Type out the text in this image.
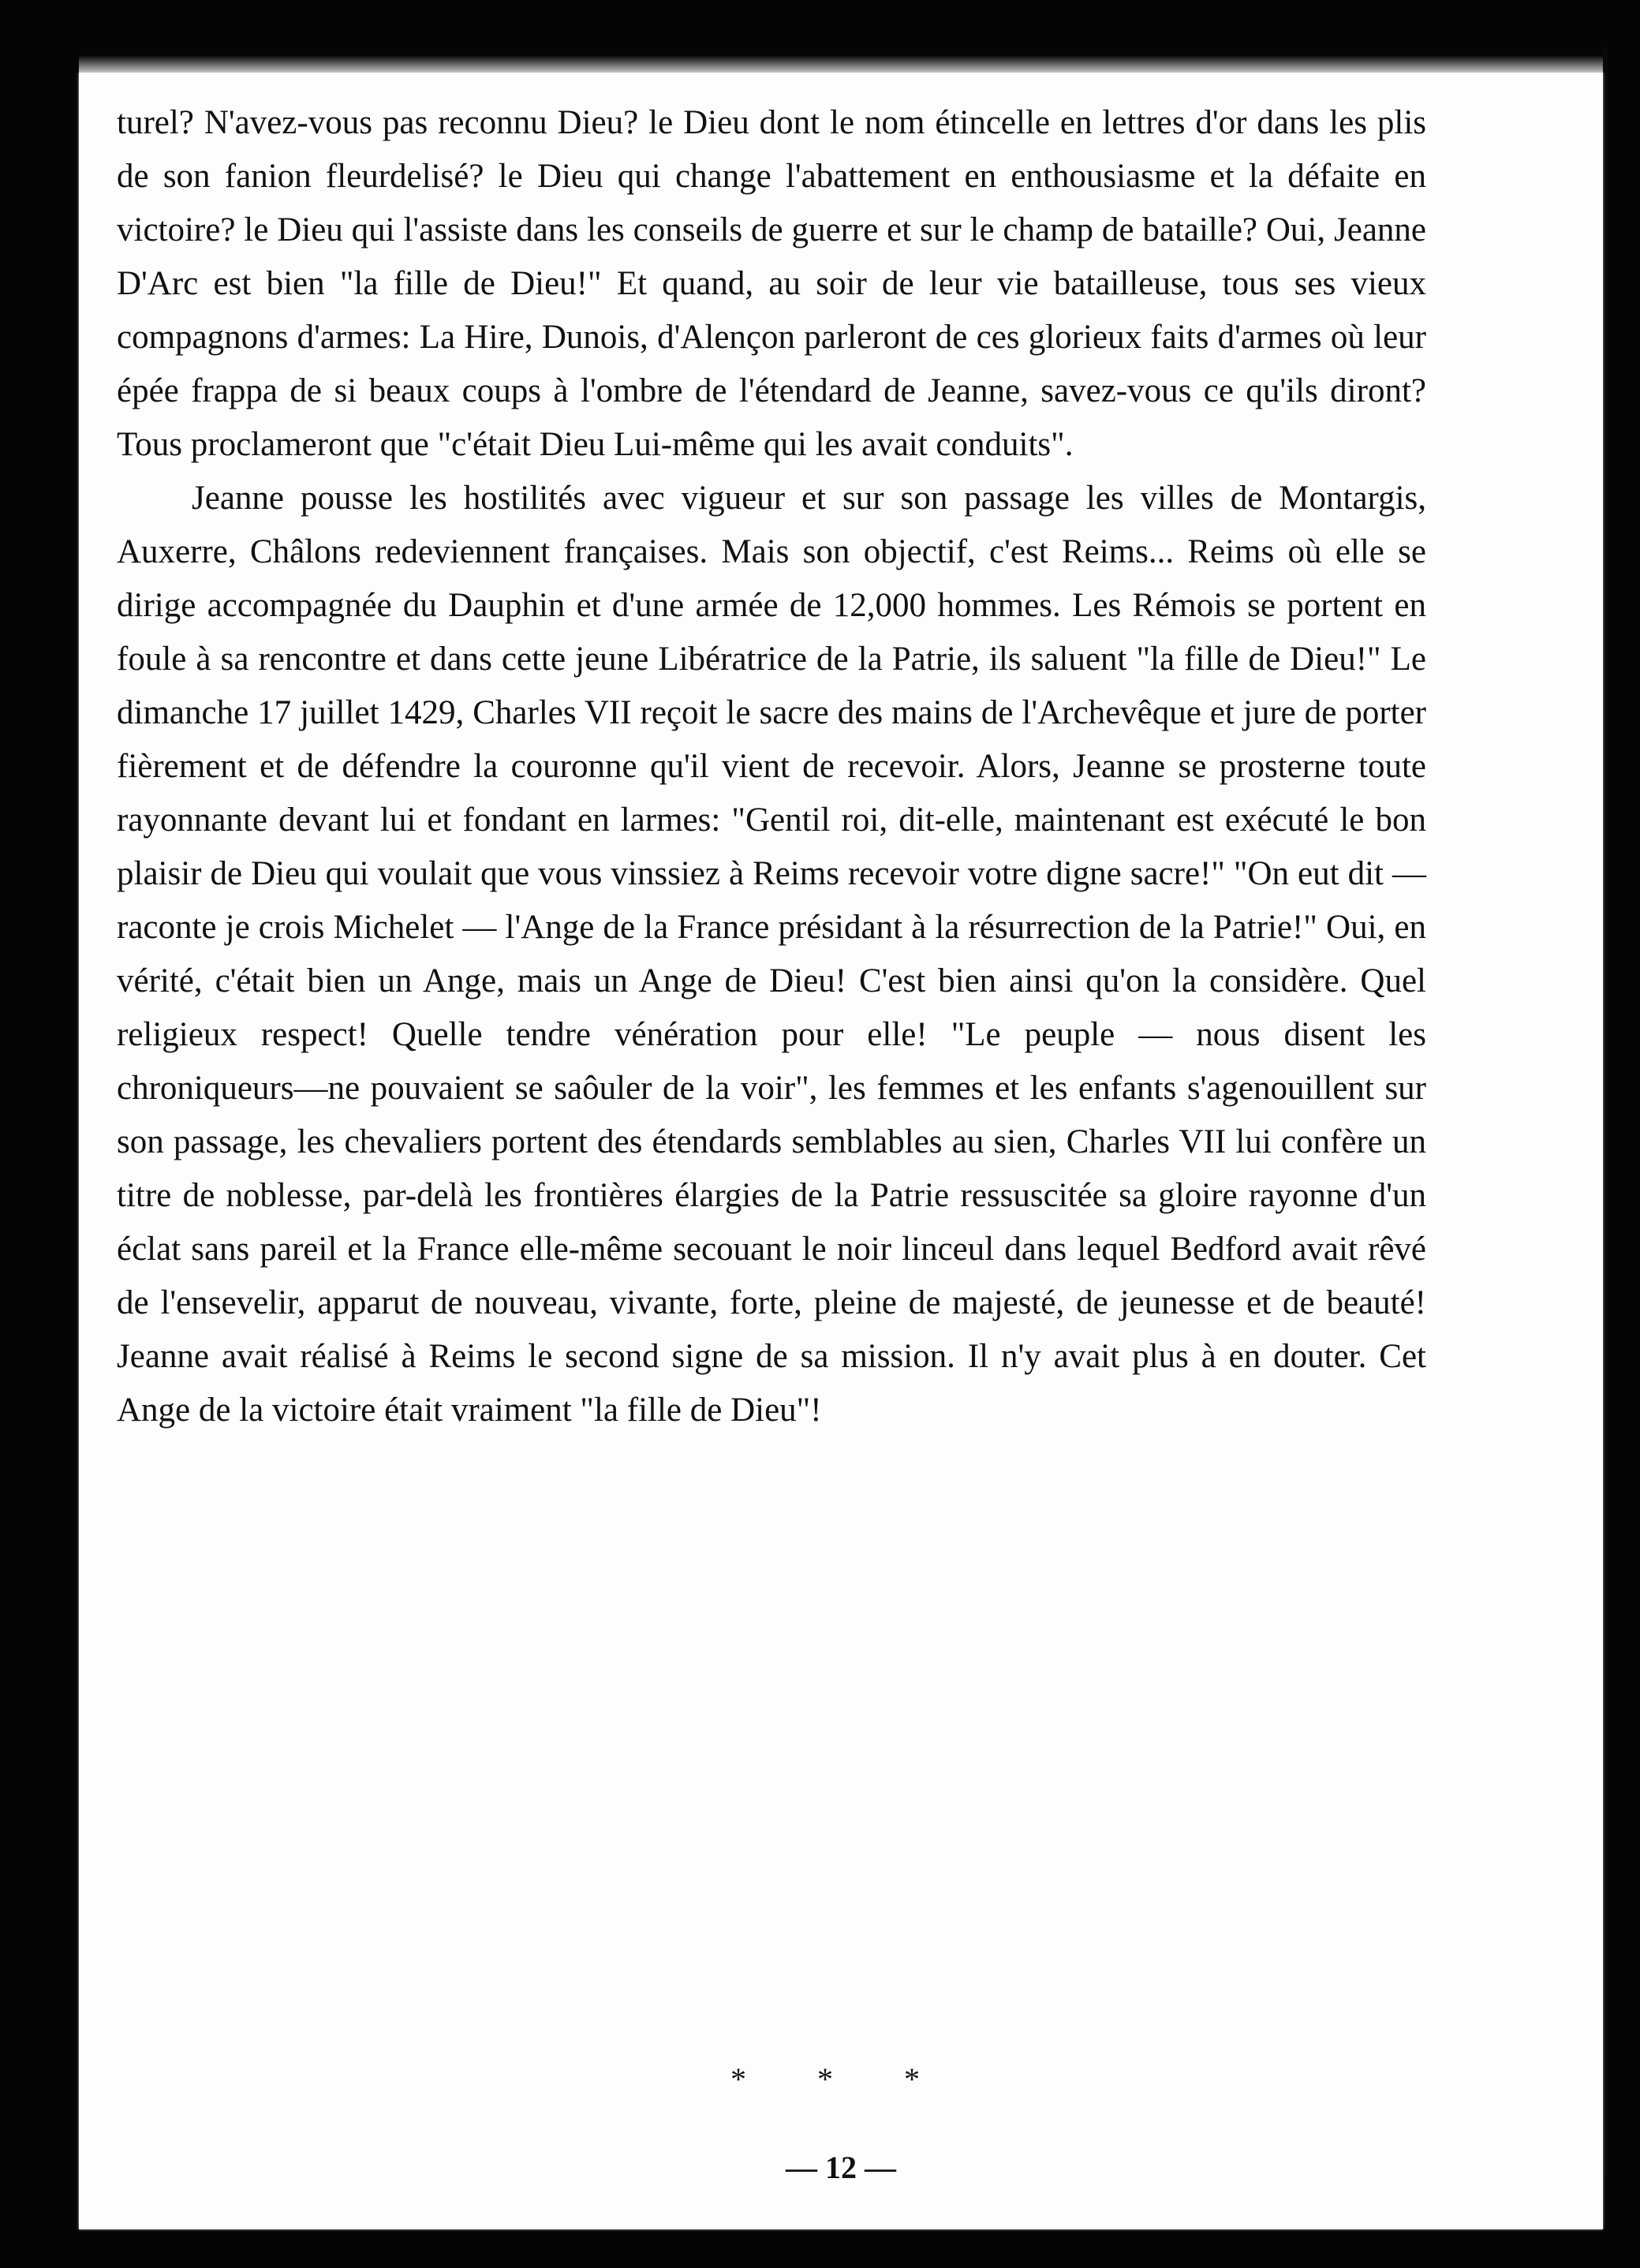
turel? N'avez-vous pas reconnu Dieu? le Dieu dont le nom étincelle en lettres d'or dans les plis de son fanion fleurdelisé? le Dieu qui change l'abattement en enthousiasme et la défaite en victoire? le Dieu qui l'assiste dans les conseils de guerre et sur le champ de bataille? Oui, Jeanne D'Arc est bien "la fille de Dieu!" Et quand, au soir de leur vie batailleuse, tous ses vieux compagnons d'armes: La Hire, Dunois, d'Alençon parleront de ces glorieux faits d'armes où leur épée frappa de si beaux coups à l'ombre de l'étendard de Jeanne, savez-vous ce qu'ils diront? Tous proclameront que "c'était Dieu Lui-même qui les avait conduits".

Jeanne pousse les hostilités avec vigueur et sur son passage les villes de Montargis, Auxerre, Châlons redeviennent françaises. Mais son objectif, c'est Reims... Reims où elle se dirige accompagnée du Dauphin et d'une armée de 12,000 hommes. Les Rémois se portent en foule à sa rencontre et dans cette jeune Libératrice de la Patrie, ils saluent "la fille de Dieu!" Le dimanche 17 juillet 1429, Charles VII reçoit le sacre des mains de l'Archevêque et jure de porter fièrement et de défendre la couronne qu'il vient de recevoir. Alors, Jeanne se prosterne toute rayonnante devant lui et fondant en larmes: "Gentil roi, dit-elle, maintenant est exécuté le bon plaisir de Dieu qui voulait que vous vinssiez à Reims recevoir votre digne sacre!" "On eut dit — raconte je crois Michelet — l'Ange de la France présidant à la résurrection de la Patrie!" Oui, en vérité, c'était bien un Ange, mais un Ange de Dieu! C'est bien ainsi qu'on la considère. Quel religieux respect! Quelle tendre vénération pour elle! "Le peuple — nous disent les chroniqueurs—ne pouvaient se saôuler de la voir", les femmes et les enfants s'agenouillent sur son passage, les chevaliers portent des étendards semblables au sien, Charles VII lui confère un titre de noblesse, par-delà les frontières élargies de la Patrie ressuscitée sa gloire rayonne d'un éclat sans pareil et la France elle-même secouant le noir linceul dans lequel Bedford avait rêvé de l'ensevelir, apparut de nouveau, vivante, forte, pleine de majesté, de jeunesse et de beauté! Jeanne avait réalisé à Reims le second signe de sa mission. Il n'y avait plus à en douter. Cet Ange de la victoire était vraiment "la fille de Dieu"!

* * *
— 12 —
